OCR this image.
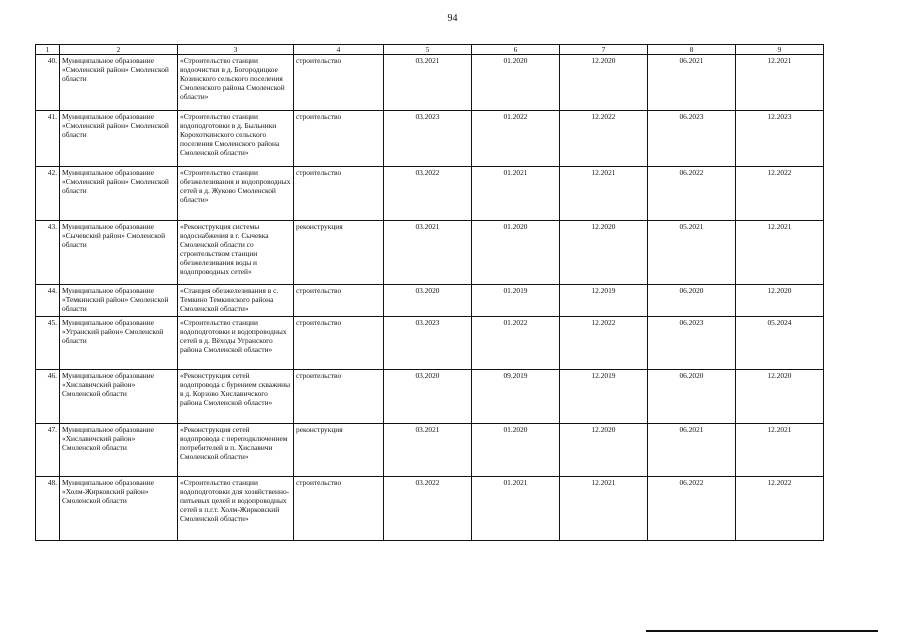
94
1	2	3	4	5	6	7	8	9
40.	Муниципальное образование «Смоленский район» Смоленской области	«Строительство станции водоочистки в д. Богородицкое Козинского сельского поселения Смоленского района Смоленской области»	строительство	03.2021	01.2020	12.2020	06.2021	12.2021
41.	Муниципальное образование «Смоленский район» Смоленской области	«Строительство станции водоподготовки в д. Быльники Корохоткинского сельского поселения Смоленского района Смоленской области»	строительство	03.2023	01.2022	12.2022	06.2023	12.2023
42.	Муниципальное образование «Смоленский район» Смоленской области	«Строительство станции обезжелезивания и водопроводных сетей в д. Жуково Смоленской области»	строительство	03.2022	01.2021	12.2021	06.2022	12.2022
43.	Муниципальное образование «Сычевский район» Смоленской области	«Реконструкция системы водоснабжения в г. Сычевка Смоленской области со строительством станции обезжелезивания воды и водопроводных сетей»	реконструкция	03.2021	01.2020	12.2020	05.2021	12.2021
44.	Муниципальное образование «Темкинский район» Смоленской области	«Станция обезжелезивания в с. Темкино Темкинского района Смоленской области»	строительство	03.2020	01.2019	12.2019	06.2020	12.2020
45.	Муниципальное образование «Угранский район» Смоленской области	«Строительство станции водоподготовки и водопроводных сетей в д. Вёходы Угранского района Смоленской области»	строительство	03.2023	01.2022	12.2022	06.2023	05.2024
46.	Муниципальное образование «Хиславичский район» Смоленской области	«Реконструкция сетей водопровода с бурением скважины в д. Корзово Хиславичского района Смоленской области»	строительство	03.2020	09.2019	12.2019	06.2020	12.2020
47.	Муниципальное образование «Хиславичский район» Смоленской области	«Реконструкция сетей водопровода с переподключением потребителей в п. Хиславичи Смоленской области»	реконструкция	03.2021	01.2020	12.2020	06.2021	12.2021
48.	Муниципальное образование «Холм-Жирковский район» Смоленской области	«Строительство станции водоподготовки для хозяйственно-питьевых целей и водопроводных сетей в п.г.т. Холм-Жирковский Смоленской области»	строительство	03.2022	01.2021	12.2021	06.2022	12.2022
